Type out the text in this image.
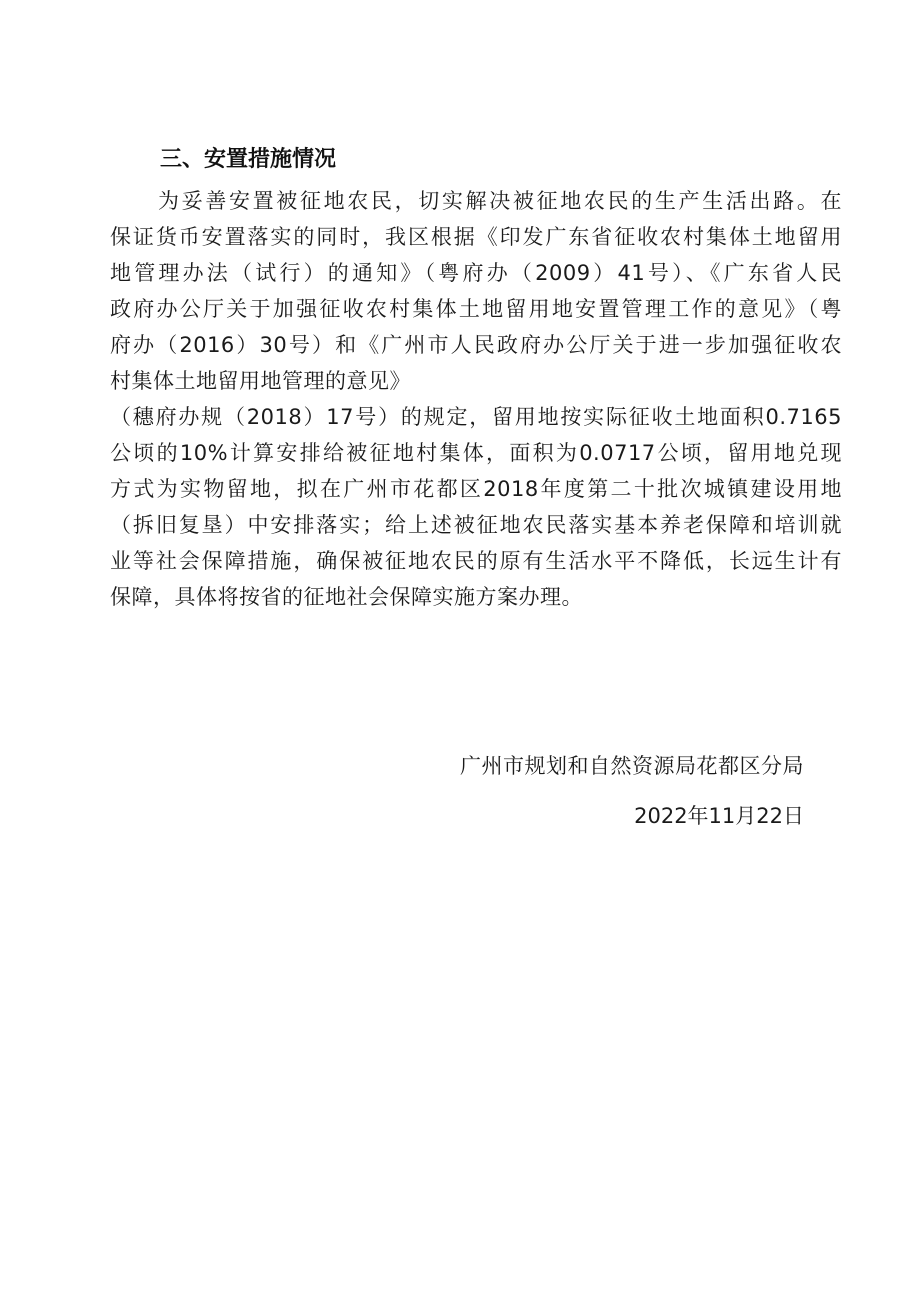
三、安置措施情况
为妥善安置被征地农民，切实解决被征地农民的生产生活出路。在
保证货币安置落实的同时，我区根据《印发广东省征收农村集体土地留用
地管理办法（试行）的通知》（粤府办（2009）41号）、《广东省人民
政府办公厅关于加强征收农村集体土地留用地安置管理工作的意见》（粤
府办（2016）30号）和《广州市人民政府办公厅关于进一步加强征收农
村集体土地留用地管理的意见》
（穗府办规（2018）17号）的规定，留用地按实际征收土地面积0.7165
公顷的10%计算安排给被征地村集体，面积为0.0717公顷，留用地兑现
方式为实物留地，拟在广州市花都区2018年度第二十批次城镇建设用地
（拆旧复垦）中安排落实；给上述被征地农民落实基本养老保障和培训就
业等社会保障措施，确保被征地农民的原有生活水平不降低，长远生计有
保障，具体将按省的征地社会保障实施方案办理。
广州市规划和自然资源局花都区分局
2022年11月22日
